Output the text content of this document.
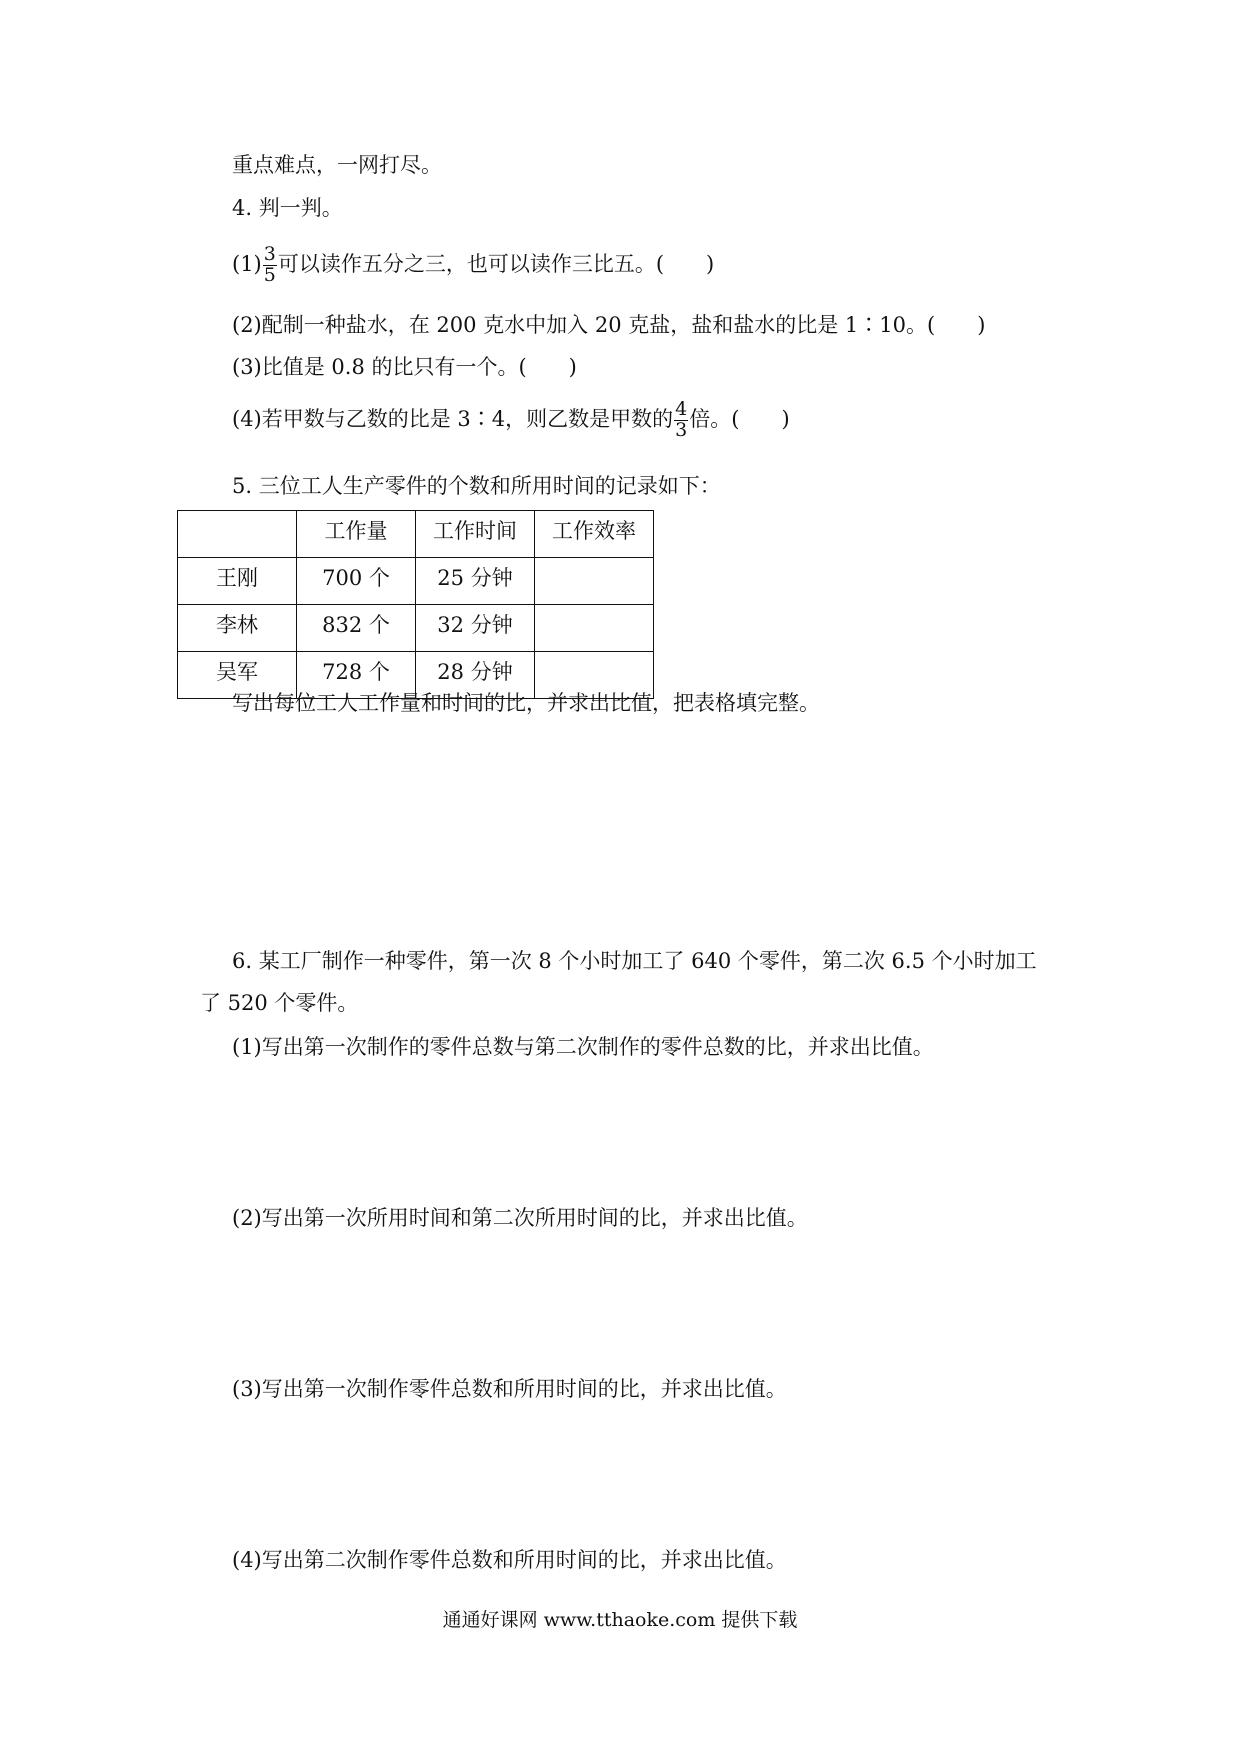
重点难点，一网打尽。
4. 判一判。
$(1) \frac{3}{5}$ 可以读作五分之三，也可以读作三比五。(　　)
(2)配制一种盐水，在 200 克水中加入 20 克盐，盐和盐水的比是 1∶10。(　　)
(3)比值是 0.8 的比只有一个。(　　)
(4)若甲数与乙数的比是 3∶4，则乙数是甲数的 $\frac{4}{3}$ 倍。(　　)
5. 三位工人生产零件的个数和所用时间的记录如下：
	工作量	工作时间	工作效率
王刚	700 个	25 分钟	
李林	832 个	32 分钟	
吴军	728 个	28 分钟	
写出每位工人工作量和时间的比，并求出比值，把表格填完整。
6. 某工厂制作一种零件，第一次 8 个小时加工了 640 个零件，第二次 6.5 个小时加工
了 520 个零件。
(1)写出第一次制作的零件总数与第二次制作的零件总数的比，并求出比值。
(2)写出第一次所用时间和第二次所用时间的比，并求出比值。
(3)写出第一次制作零件总数和所用时间的比，并求出比值。
(4)写出第二次制作零件总数和所用时间的比，并求出比值。
通通好课网 www.tthaoke.com 提供下载
